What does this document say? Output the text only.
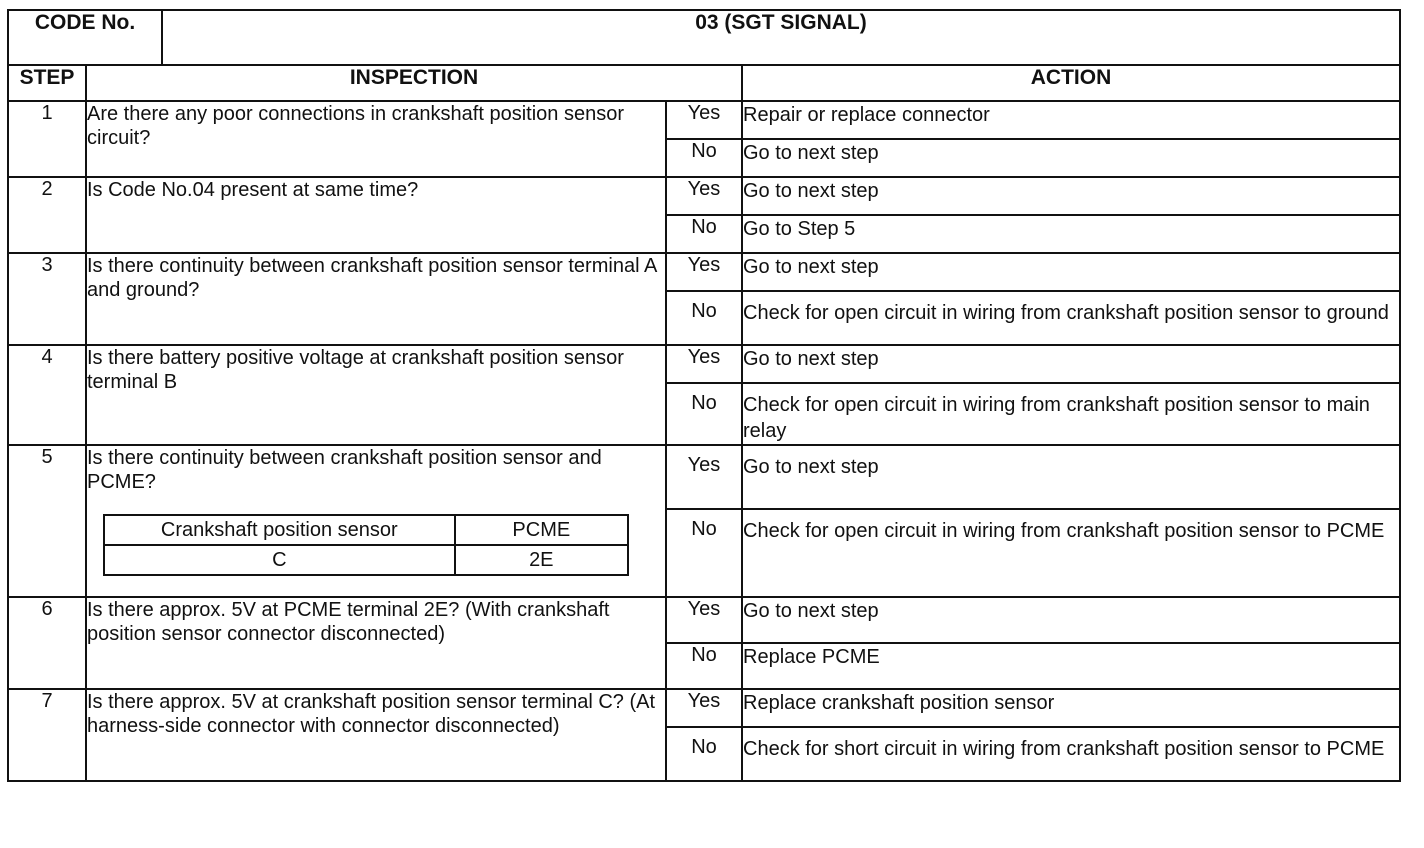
CODE No.	03 (SGT SIGNAL)
STEP	INSPECTION	ACTION
1	Are there any poor connections in crankshaft position sensor circuit?	Yes	Repair or replace connector
No	Go to next step
2	Is Code No.04 present at same time?	Yes	Go to next step
No	Go to Step 5
3	Is there continuity between crankshaft position sensor terminal A and ground?	Yes	Go to next step
No	Check for open circuit in wiring from crankshaft position sensor to ground
4	Is there battery positive voltage at crankshaft position sensor terminal B	Yes	Go to next step
No	Check for open circuit in wiring from crankshaft position sensor to main relay
5	Is there continuity between crankshaft position sensor and PCME?
Crankshaft position sensor	PCME
C	2E
	Yes	Go to next step
No	Check for open circuit in wiring from crankshaft position sensor to PCME
6	Is there approx. 5V at PCME terminal 2E? (With crankshaft position sensor connector disconnected)	Yes	Go to next step
No	Replace PCME
7	Is there approx. 5V at crankshaft position sensor terminal C? (At harness-side connector with connector disconnected)	Yes	Replace crankshaft position sensor
No	Check for short circuit in wiring from crankshaft position sensor to PCME
